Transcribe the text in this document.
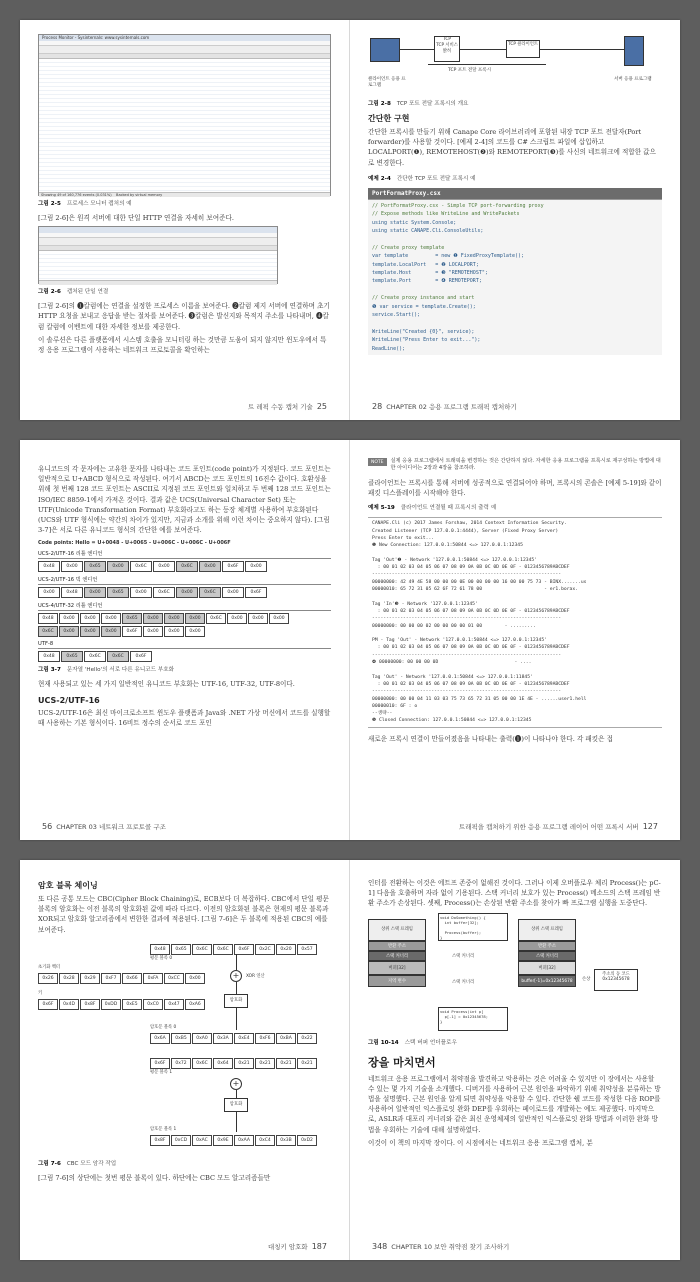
Process Monitor - Sysinternals: www.sysinternals.com
Showing 49 of 160,776 events (0.031%) Backed by virtual memory
그림 2-5 프로세스 모니터 캡처의 예
[그림 2-6]은 원격 서버에 대한 단일 HTTP 연결을 자세히 보여준다.
그림 2-6 캡처된 단일 연결
[그림 2-6]의 ❶칼럼에는 연결을 설정한 프로세스 이름을 보여준다. ❷칼럼 제지 서버에 연결하며 초기 HTTP 요청을 보내고 응답을 받는 절차를 보여준다. ❸칼럼은 발신지와 목적지 주소를 나타내며, ❹칼럼 칼럼에 이벤트에 대한 자세한 정보를 제공한다.
이 솔루션은 다른 플랫폼에서 시스템 호출을 모니터링 하는 것만큼 도움이 되지 않지만 윈도우에서 특정 응용 프로그램이 사용하는 네트워크 프로토콜을 확인하는
트 레픽 수동 캡처 기술 25
TCP
TCP 서비스 밝히
TCP 클라이언트
TCP 포트 전달 프록시
클라이언트 응용 프로그램
서버 응용 프로그램
그림 2-8 TCP 포트 전달 프록시의 개요
간단한 구현
간단한 프록시를 만들기 위해 Canape Core 라이브러리에 포함된 내장 TCP 포트 전달자(Port forwarder)를 사용할 것이다. [예제 2-4]의 코드를 C# 스크립트 파일에 삽입하고 LOCALPORT(❶), REMOTEHOST(❷)와 REMOTEPORT(❸)를 사신의 네트워크에 적합한 값으로 변경한다.
예제 2-4 간단한 TCP 포트 전달 프록시 예
PortFormatProxy.csx
// PortFormatProxy.csx - Simple TCP port-forwarding proxy
// Expose methods like WriteLine and WritePackets
using static System.Console;
using static CANAPE.Cli.ConsoleUtils;

// Create proxy template
var template         = new ❶ FixedProxyTemplate();
template.LocalPort   = ❷ LOCALPORT;
template.Host        = ❸ "REMOTEHOST";
template.Port        = ❹ REMOTEPORT;

// Create proxy instance and start
❺ var service = template.Create();
service.Start();

WriteLine("Created {0}", service);
WriteLine("Press Enter to exit...");
ReadLine();
28 CHAPTER 02 응용 프로그램 트래픽 캡처하기
유니코드의 각 문자에는 고유한 문자를 나타내는 코드 포인트(code point)가 지정된다. 코드 포인트는 일반적으로 U+ABCD 형식으로 작성된다. 여기서 ABCD는 코드 포인트의 16진수 값이다. 호환성을 위해 첫 번째 128 코드 포인트는 ASCII로 지정된 코드 포인트와 일치하고 두 번째 128 코드 포인트는 ISO/IEC 8859-1에서 가져온 것이다. 결과 값은 UCS(Universal Character Set) 또는 UTF(Unicode Transformation Format) 부호화라고도 하는 등장 체계별 사용하여 부호화된다(UCS와 UTF 형식에는 약간의 차이가 있지만, 지금과 소개를 위해 이런 차이는 중요하지 않다). [그림 3-7]은 서로 다른 유니코드 형식의 간단한 예를 보여준다.
Code points: Hello = U+0048 - U+0065 - U+006C - U+006C - U+006F
UCS-2/UTF-16 리틀 엔디언
0x48	0x00	0x65	0x00	0x6C	0x00	0x6C	0x00	0x6F	0x00
UCS-2/UTF-16 빅 엔디언
0x00	0x48	0x00	0x65	0x00	0x6C	0x00	0x6C	0x00	0x6F
UCS-4/UTF-32 리틀 엔디언
0x48	0x00	0x00	0x00	0x65	0x00	0x00	0x00	0x6C	0x00	0x00	0x00
0x6C	0x00	0x00	0x00	0x6F	0x00	0x00	0x00
UTF-8
0x48	0x65	0x6C	0x6C	0x6F
그림 3-7 문자열 'Hello'의 서로 다른 유니코드 부호화
현재 사용되고 있는 세 가지 일반적인 유니코드 부호화는 UTF-16, UTF-32, UTF-8이다.
UCS-2/UTF-16
UCS-2/UTF-16은 최신 마이크로소프트 윈도우 플랫폼과 Java와 .NET 가상 머신에서 코드를 실행할 때 사용하는 기본 형식이다. 16비트 정수의 순서로 코드 포인
56 CHAPTER 03 네트워크 프로토콜 구조
NOTE	실제 응용 프로그램에서 트래픽을 변경하는 것은 간단하지 않다. 자세한 응용 프로그램을 프록시로 재구성하는 방법에 대한 아이디어는 2장과 4장을 참조하라.
클라이언트는 프록시를 통해 서버에 성공적으로 연결되어야 하며, 프록시의 콘솔은 [예제 5-19]와 같이 패킷 디스플레이를 시작해야 한다.
예제 5-19 클라이언트 연결될 때 프록시의 출력 예
CANAPE.Cli (c) 2017 James Forshaw, 2014 Context Information Security.
Created Listener (TCP 127.0.0.1:4444), Server (Fixed Proxy Server)
Press Enter to exit...
❶ New Connection: 127.0.0.1:50844 <=> 127.0.0.1:12345

Tag 'Out'❷ - Network '127.0.0.1:50844 <=> 127.0.0.1:12345'
: 00 01 02 03 04 05 06 07 08 09 0A 0B 0C 0D 0E 0F - 0123456789ABCDEF
-------------------------------------------------------------------
00000000: 42 49 4E 58 00 00 00 0E 00 00 00 00 16 00 00 75 73 - BINX.......us
00000010: 65 72 31 05 62 6F 72 61 78 00                      - er1.borax.

Tag 'In'❸ - Network '127.0.0.1:12345'
: 00 01 02 03 04 05 06 07 08 09 0A 0B 0C 0D 0E 0F - 0123456789ABCDEF
-------------------------------------------------------------------
00000000: 00 00 00 02 00 00 00 00 01 00        - .........

PM - Tag 'Out' - Network '127.0.0.1:50844 <=> 127.0.0.1:12345'
: 00 01 02 03 04 05 06 07 08 09 0A 0B 0C 0D 0E 0F - 0123456789ABCDEF
-------------------------------------------------------------------
❹ 00000000: 00 00 00 0D                           - ....

Tag 'Out' - Network '127.0.0.1:50844 <=> 127.0.0.1:11845'
: 00 01 02 03 04 05 06 07 08 09 0A 0B 0C 0D 0E 0F - 0123456789ABCDEF
-------------------------------------------------------------------
00000000: 00 00 04 11 03 03 75 73 65 72 31 05 00 00 1E 4E - ......user1.hell
00000010: 6F : o
--생략--
❺ Closed Connection: 127.0.0.1:50844 <=> 127.0.0.1:12345
새로운 프록시 연결이 만들어졌음을 나타내는 출력(❶)이 나타나야 한다. 각 패킷은 접
트래픽을 캡처하기 위한 응용 프로그램 레이어 어떤 프록시 서버 127
암호 블록 체이닝
또 다른 공통 모드는 CBC(Cipher Block Chaining)로, ECB보다 더 복잡하다. CBC에서 단일 평문 블록의 암호화는 이전 블록의 암호화된 값에 따라 다르다. 이전의 암호화된 블록은 현재의 평문 블록과 XOR되고 암호화 알고리즘에서 변한한 결과에 적용된다. [그림 7-6]은 두 블록에 적용된 CBC의 예를 보여준다.
0x48	0x65	0x6C	0x6C	0x6F	0x2C	0x20	0x57
평문 블록 0
초기화 벡터
0x26	0x28	0x29	0xF7	0x66	0xFA	0xCC	0x00	+	XOR 연산
키
0x6F	0x4D	0x8F	0xDD	0xE5	0xC0	0x47	0xA6
암호화
암호문 블록 0
0x6A	0xB5	0xA0	0x3A	0xE4	0xF6	0xBA	0x22
0x6F	0x72	0x6C	0x64	0x21	0x21	0x21	0x21
평문 블록 1
+
암호화
암호문 블록 1
0x8F	0xCD	0xAC	0x9E	0xAA	0xC4	0x3B	0xD2
그림 7-6 CBC 모드 암각 작업
[그림 7-6]의 상단에는 첫번 평문 블록이 있다. 하단에는 CBC 모드 알고리즘들만
대칭키 암호화 187
인터를 전환하는 이것은 에트프 존중이 없해진 것이다. 그러나 이제 오버플로우 체리 Process()는 pC-1] 다음을 호출하며 자라 없이 기용된다. 스택 커너리 보호가 있는 Process() 메소드의 스택 프레임 반환 주소가 손상된다. 셋째, Process()는 손상된 반환 주소를 찾아가 빠 프로그램 실행을 도중단다.
상위 스택 프레임
반환 주소
스택 커너리
버퍼[32]
지역 변수
void DoSomething() {
int buffer[32];

Process(buffer);
}
스택 커너리
스택 커너리
void Process(int p[
p[-1] = 0x12345678;
}
상위 스택 프레임
반환 주소
스택 커너리
버퍼[32]
buffer[-1]=0x12345678	손상
주소의 동 코드 0x12345678
그림 10-14 스택 버퍼 언더플로우
장을 마치면서
네트워크 응용 프로그램에서 취약점을 발견하고 악용하는 것은 어려울 수 있지만 이 장에서는 사용할 수 있는 몇 가지 기술을 소개했다. 디버거를 사용하여 근본 원인을 파악하기 위해 취약성을 분류하는 방법을 설명했다. 근본 원인을 알게 되면 취약성을 악용할 수 있다. 간단한 쉘 코드를 작성한 다음 ROP를 사용하여 일반적인 익스플로잇 완화 DEP를 우회하는 페이로드를 개발하는 예도 제공했다. 마지막으로, ASLR과 대포리 커너리와 같은 최신 운영체제의 일반적인 익스플로잇 완화 방법과 이러한 완화 방법을 우회하는 기술에 대해 설명하였다.
이것이 이 책의 마지막 장이다. 이 시점에서는 네트워크 응용 프로그램 캡처, 분
348 CHAPTER 10 보안 취약점 찾기 조사하기
